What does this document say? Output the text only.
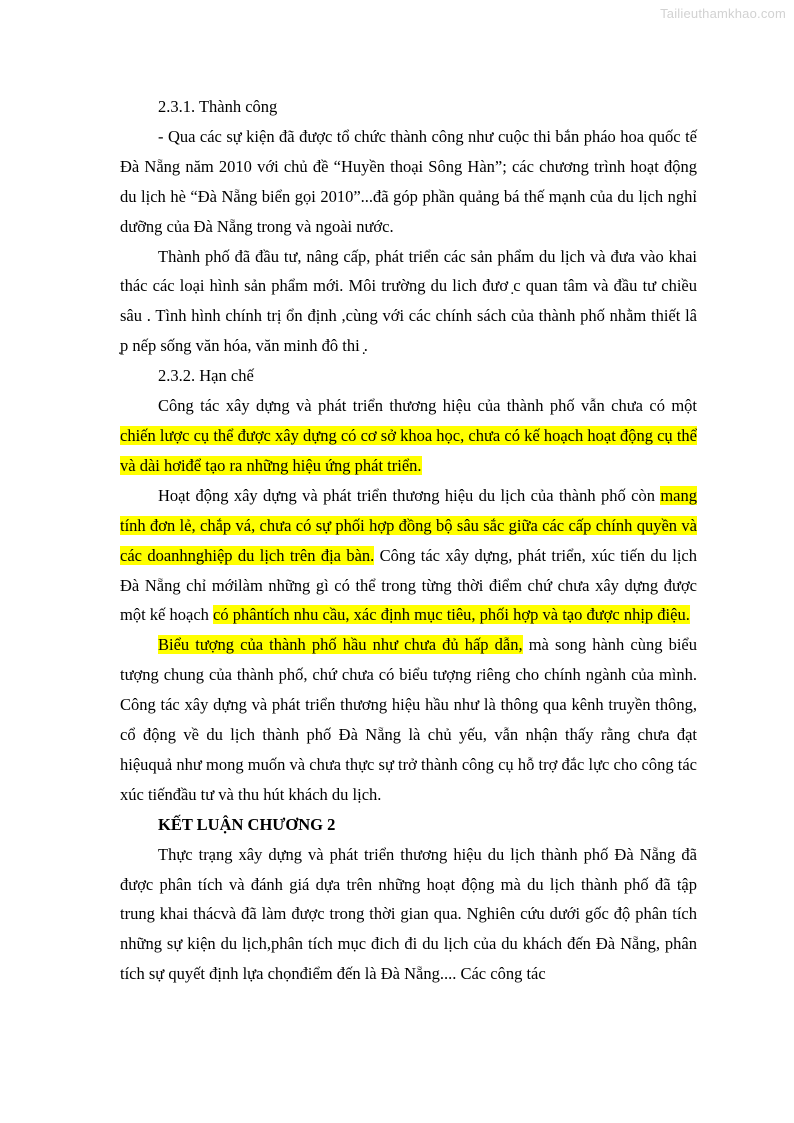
Tailieuthamkhao.com

2.3.1. Thành công

- Qua các sự kiện đã được tổ chức thành công như cuộc thi bắn pháo hoa quốc tế Đà Nẵng năm 2010 với chủ đề “Huyền thoại Sông Hàn”; các chương trình hoạt động du lịch hè “Đà Nẵng biển gọi 2010”...đã góp phần quảng bá thế mạnh của du lịch nghỉ dưỡng của Đà Nẵng trong và ngoài nước.

Thành phố đã đầu tư, nâng cấp, phát triển các sản phẩm du lịch và đưa vào khai thác các loại hình sản phẩm mới. Môi trường du lich đươ ̣c quan tâm và đầu tư chiều sâu . Tình hình chính trị ổn định ,cùng với các chính sách của thành phố nhằm thiết lâ ̣p nếp sống văn hóa, văn minh đô thi ̣.

2.3.2. Hạn chế

Công tác xây dựng và phát triển thương hiệu của thành phố vẫn chưa có một chiến lược cụ thể được xây dựng có cơ sở khoa học, chưa có kế hoạch hoạt động cụ thể và dài hơiđể tạo ra những hiệu ứng phát triển.

Hoạt động xây dựng và phát triển thương hiệu du lịch của thành phố còn mang tính đơn lẻ, chắp vá, chưa có sự phối hợp đồng bộ sâu sắc giữa các cấp chính quyền và các doanhnghiệp du lịch trên địa bàn. Công tác xây dựng, phát triển, xúc tiến du lịch Đà Nẵng chỉ mớilàm những gì có thể trong từng thời điểm chứ chưa xây dựng được một kế hoạch có phântích nhu cầu, xác định mục tiêu, phối hợp và tạo được nhịp điệu.

Biểu tượng của thành phố hầu như chưa đủ hấp dẫn, mà song hành cùng biểu tượng chung của thành phố, chứ chưa có biểu tượng riêng cho chính ngành của mình. Công tác xây dựng và phát triển thương hiệu hầu như là thông qua kênh truyền thông, cổ động về du lịch thành phố Đà Nẵng là chủ yếu, vẫn nhận thấy rằng chưa đạt hiệuquả như mong muốn và chưa thực sự trở thành công cụ hỗ trợ đắc lực cho công tác xúc tiếnđầu tư và thu hút khách du lịch.

KẾT LUẬN CHƯƠNG 2

Thực trạng xây dựng và phát triển thương hiệu du lịch thành phố Đà Nẵng đã được phân tích và đánh giá dựa trên những hoạt động mà du lịch thành phố đã tập trung khai thácvà đã làm được trong thời gian qua. Nghiên cứu dưới gốc độ phân tích những sự kiện du lịch,phân tích mục đich đi du lịch của du khách đến Đà Nẵng, phân tích sự quyết định lựa chọnđiểm đến là Đà Nẵng.... Các công tác
